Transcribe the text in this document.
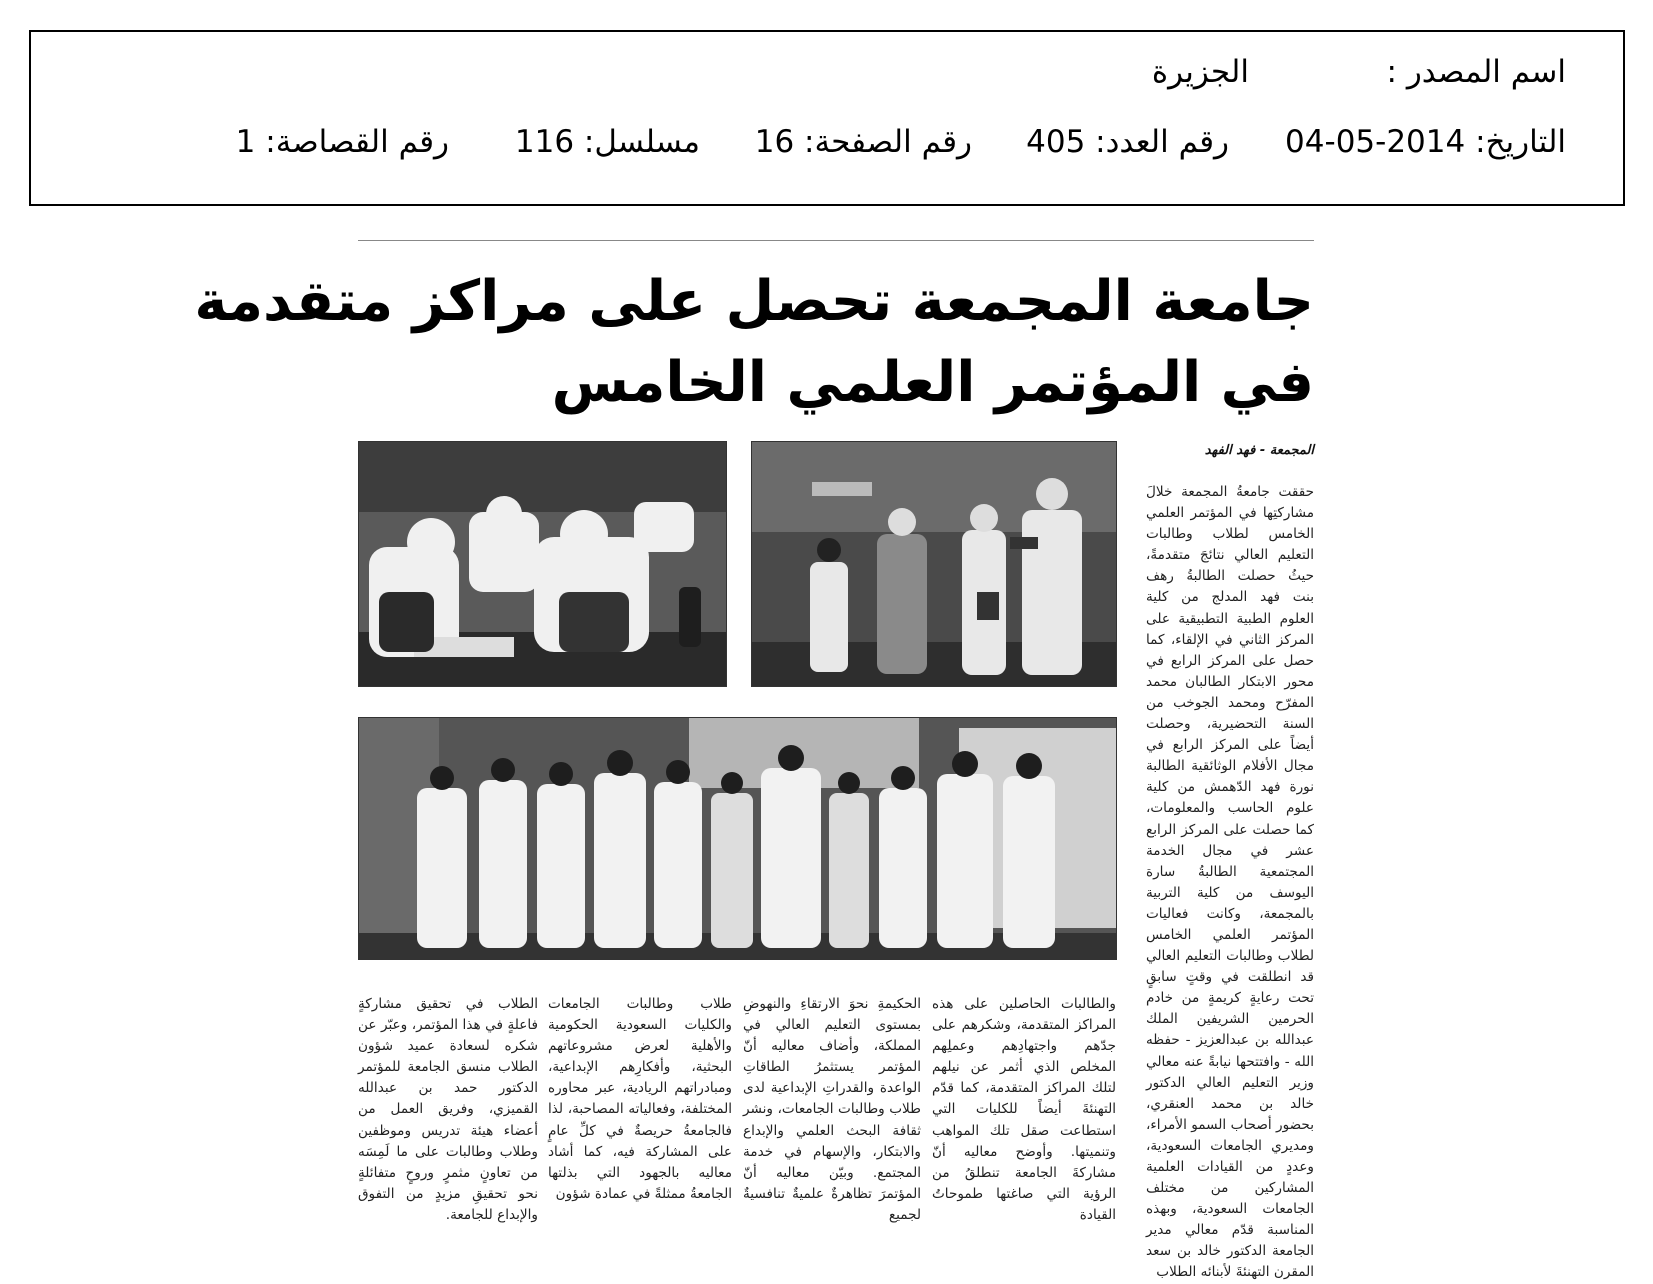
اسم المصدر :
الجزيرة
التاريخ: 2014-05-04
رقم العدد: 405
رقم الصفحة: 16
مسلسل: 116
رقم القصاصة: 1
جامعة المجمعة تحصل على مراكز متقدمة
في المؤتمر العلمي الخامس
المجمعة - فهد الفهد
حققت جامعةُ المجمعة خلالَ مشاركتِها في المؤتمر العلمي الخامس لطلاب وطالبات التعليم العالي نتائجَ متقدمةً، حيثُ حصلت الطالبةُ رهف بنت فهد المدلج من كلية العلوم الطبية التطبيقية على المركز الثاني في الإلقاء، كما حصل على المركز الرابع في محور الابتكار الطالبان محمد المفرّح ومحمد الجوخب من السنة التحضيرية، وحصلت أيضاً على المركز الرابع في مجال الأفلام الوثائقية الطالبة نورة فهد الدّهمش من كلية علوم الحاسب والمعلومات، كما حصلت على المركز الرابع عشر في مجال الخدمة المجتمعية الطالبةُ سارة اليوسف من كلية التربية بالمجمعة، وكانت فعاليات المؤتمر العلمي الخامس لطلاب وطالبات التعليم العالي قد انطلقت في وقتٍ سابقٍ تحت رعايةٍ كريمةٍ من خادم الحرمين الشريفين الملك عبدالله بن عبدالعزيز - حفظه الله - وافتتحها نيابةً عنه معالي وزير التعليم العالي الدكتور خالد بن محمد العنقري، بحضور أصحاب السمو الأمراء، ومديري الجامعات السعودية، وعددٍ من القيادات العلمية المشاركين من مختلف الجامعات السعودية، وبهذه المناسبة قدّم معالي مدير الجامعة الدكتور خالد بن سعد المقرن التهنئةَ لأبنائه الطلاب
والطالبات الحاصلين على هذه المراكز المتقدمة، وشكرهم على جدّهم واجتهادِهم وعملِهم المخلص الذي أثمر عن نيلهم لتلك المراكز المتقدمة، كما قدّم التهنئةَ أيضاً للكليات التي استطاعت صقل تلك المواهب وتنميتها. وأوضح معاليه أنّ مشاركةَ الجامعة تنطلقُ من الرؤية التي صاغتها طموحاتُ القيادة
الحكيمةِ نحوَ الارتقاءِ والنهوضِ بمستوى التعليم العالي في المملكة، وأضاف معاليه أنّ المؤتمر يستثمرُ الطاقاتِ الواعدة والقدراتِ الإبداعية لدى طلاب وطالبات الجامعات، ونشر ثقافة البحث العلمي والإبداع والابتكار، والإسهام في خدمة المجتمع. وبيّن معاليه أنّ المؤتمرَ تظاهرةٌ علميةٌ تنافسيةٌ لجميع
طلاب وطالبات الجامعات والكليات السعودية الحكومية والأهلية لعرض مشروعاتهم البحثية، وأفكارِهم الإبداعية، ومبادراتهم الريادية، عبر محاوره المختلفة، وفعالياته المصاحبة، لذا فالجامعةُ حريصةٌ في كلِّ عامٍ على المشاركة فيه، كما أشاد معاليه بالجهود التي بذلتها الجامعةُ ممثلةً في عمادة شؤون
الطلاب في تحقيق مشاركةٍ فاعلةٍ في هذا المؤتمر، وعبّر عن شكره لسعادة عميد شؤون الطلاب منسق الجامعة للمؤتمر الدكتور حمد بن عبدالله القميزي، وفريق العمل من أعضاء هيئة تدريس وموظفين وطلاب وطالبات على ما لَمِسَه من تعاونٍ مثمرٍ وروحٍ متفائلةٍ نحو تحقيقِ مزيدٍ من التفوق والإبداع للجامعة.
